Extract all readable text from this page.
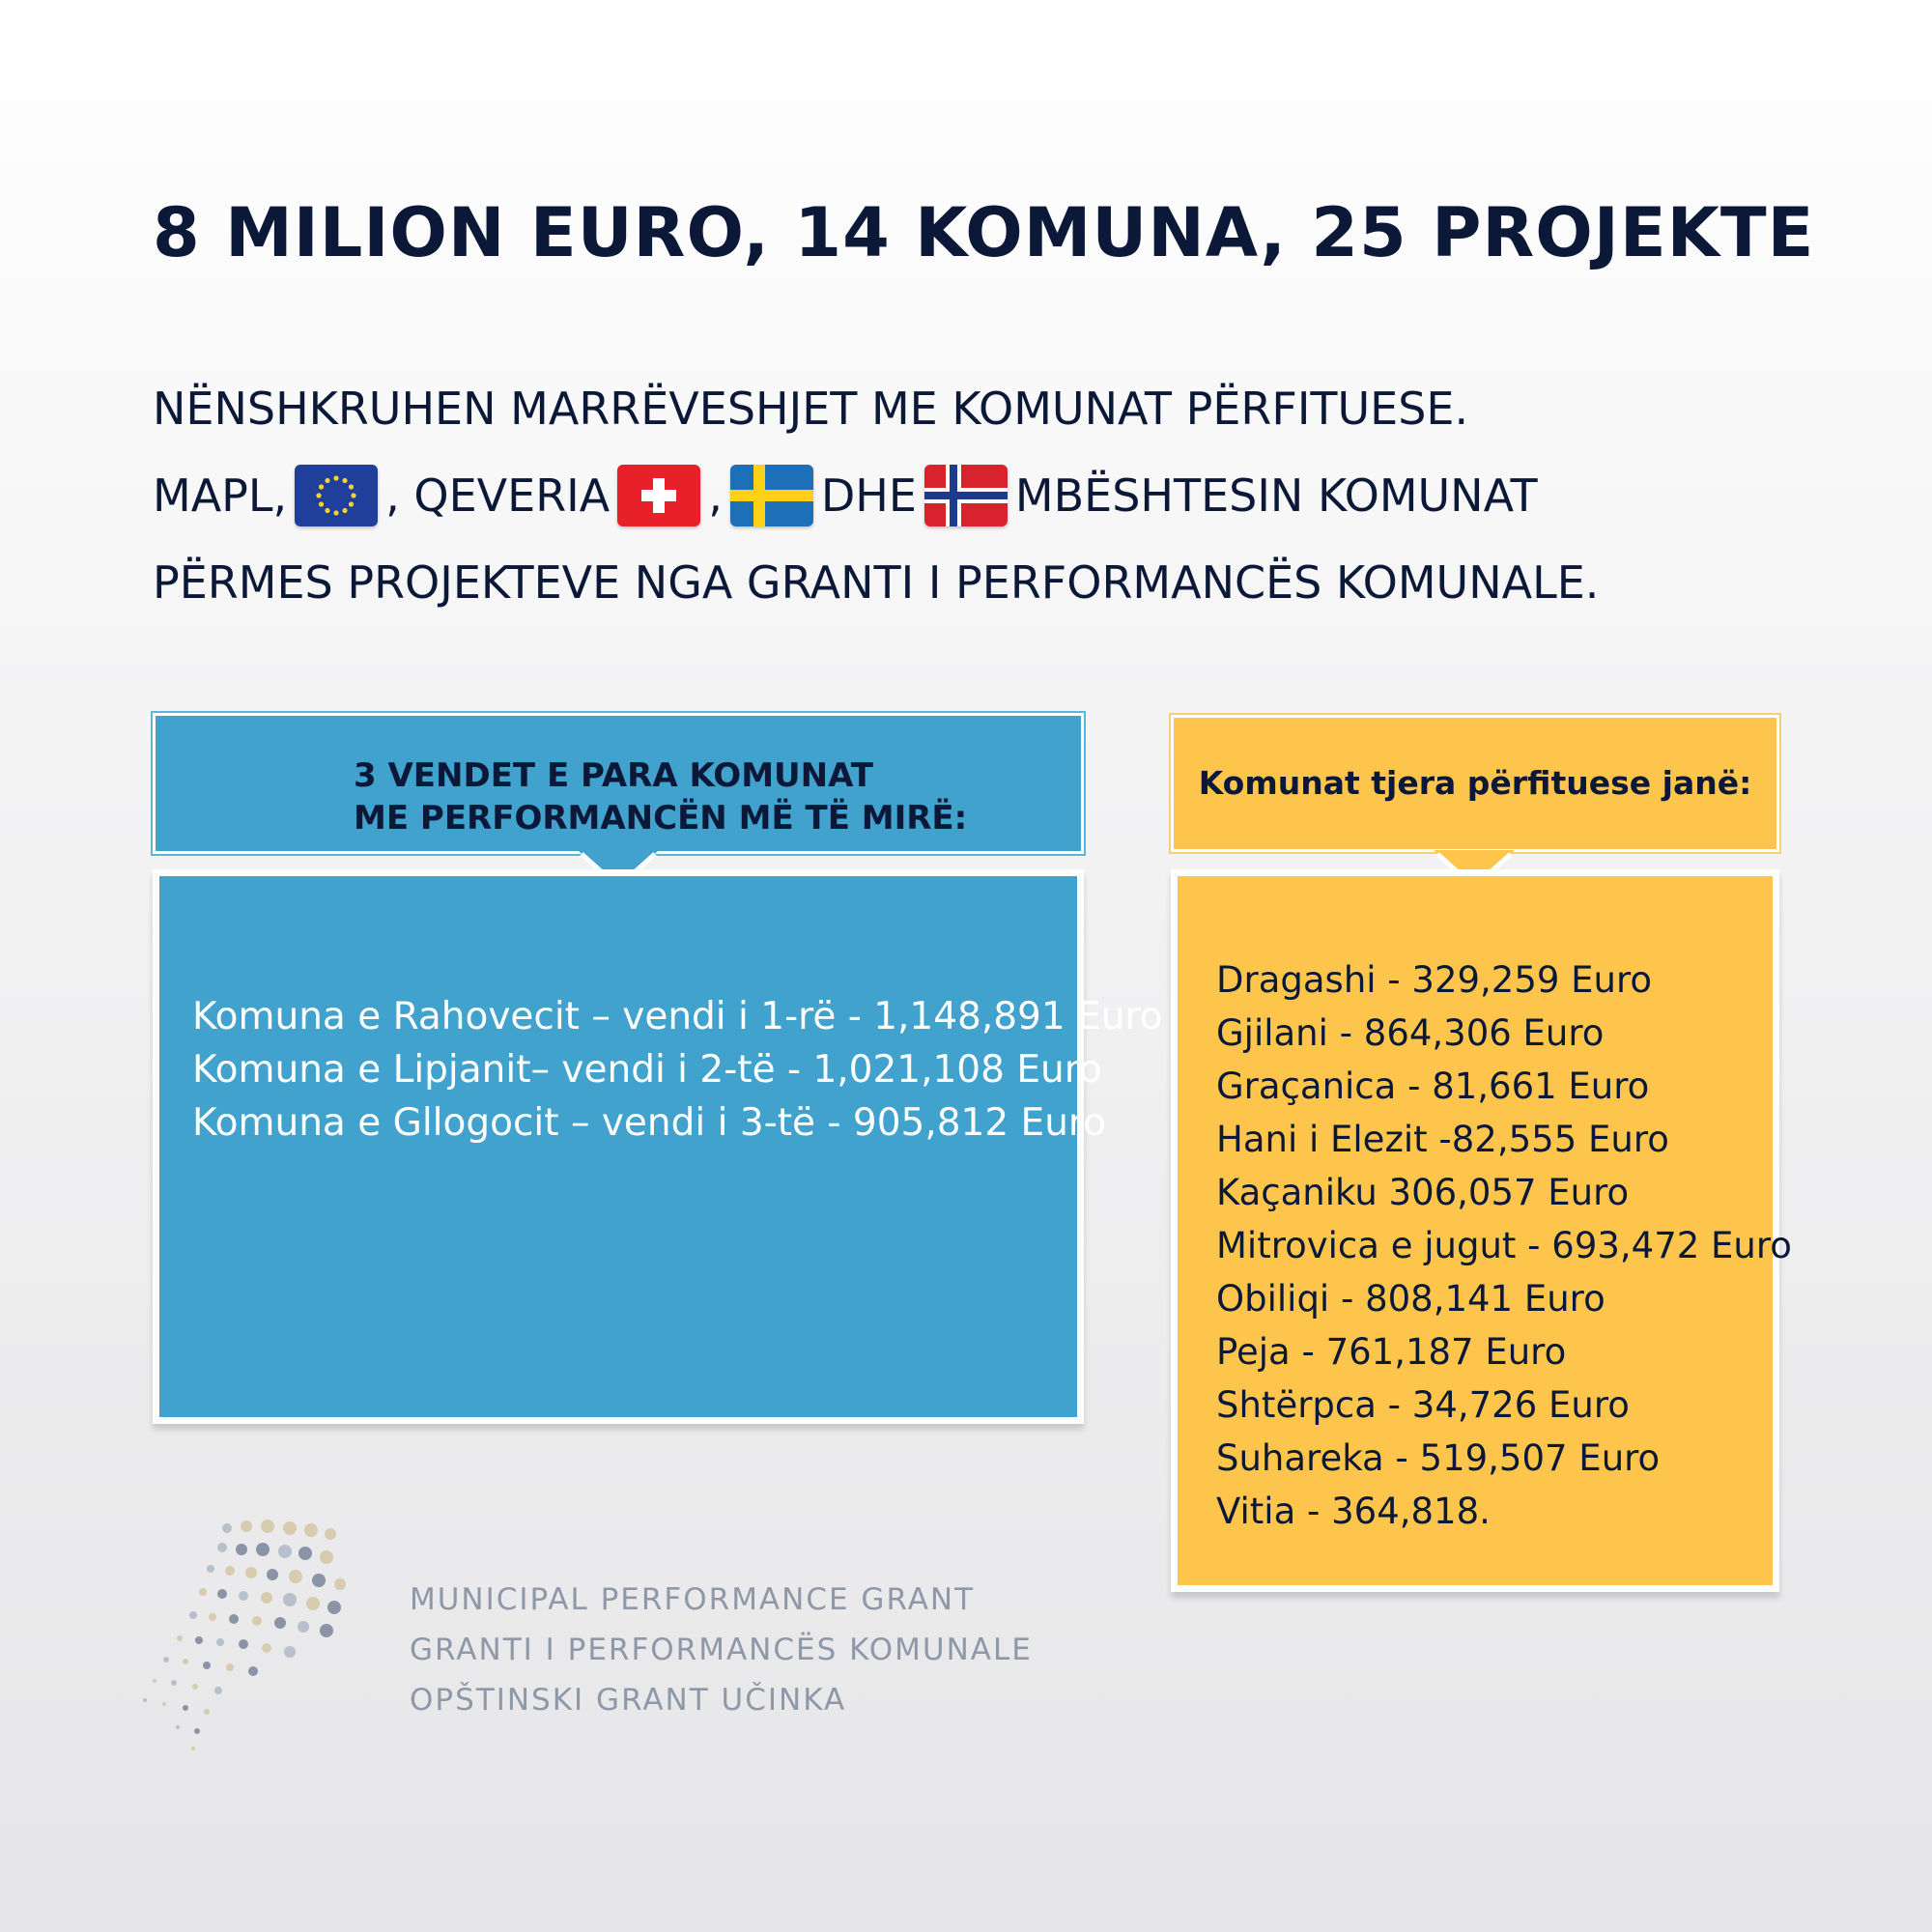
8 MILION EURO, 14 KOMUNA, 25 PROJEKTE
NËNSHKRUHEN MARRËVESHJET ME KOMUNAT PËRFITUESE.
MAPL, , QEVERIA , DHE MBËSHTESIN KOMUNAT
PËRMES PROJEKTEVE NGA GRANTI I PERFORMANCËS KOMUNALE.
3 VENDET E PARA KOMUNAT
ME PERFORMANCËN MË TË MIRË:
Komuna e Rahovecit – vendi i 1-rë - 1,148,891 Euro
Komuna e Lipjanit– vendi i 2-të - 1,021,108 Euro
Komuna e Gllogocit – vendi i 3-të - 905,812 Euro
Komunat tjera përfituese janë:
Dragashi - 329,259 Euro
Gjilani - 864,306 Euro
Graçanica - 81,661 Euro
Hani i Elezit -82,555 Euro
Kaçaniku 306,057 Euro
Mitrovica e jugut - 693,472 Euro
Obiliqi - 808,141 Euro
Peja - 761,187 Euro
Shtërpca - 34,726 Euro
Suhareka - 519,507 Euro
Vitia - 364,818.
MUNICIPAL PERFORMANCE GRANT
GRANTI I PERFORMANCËS KOMUNALE
OPŠTINSKI GRANT UČINKA
